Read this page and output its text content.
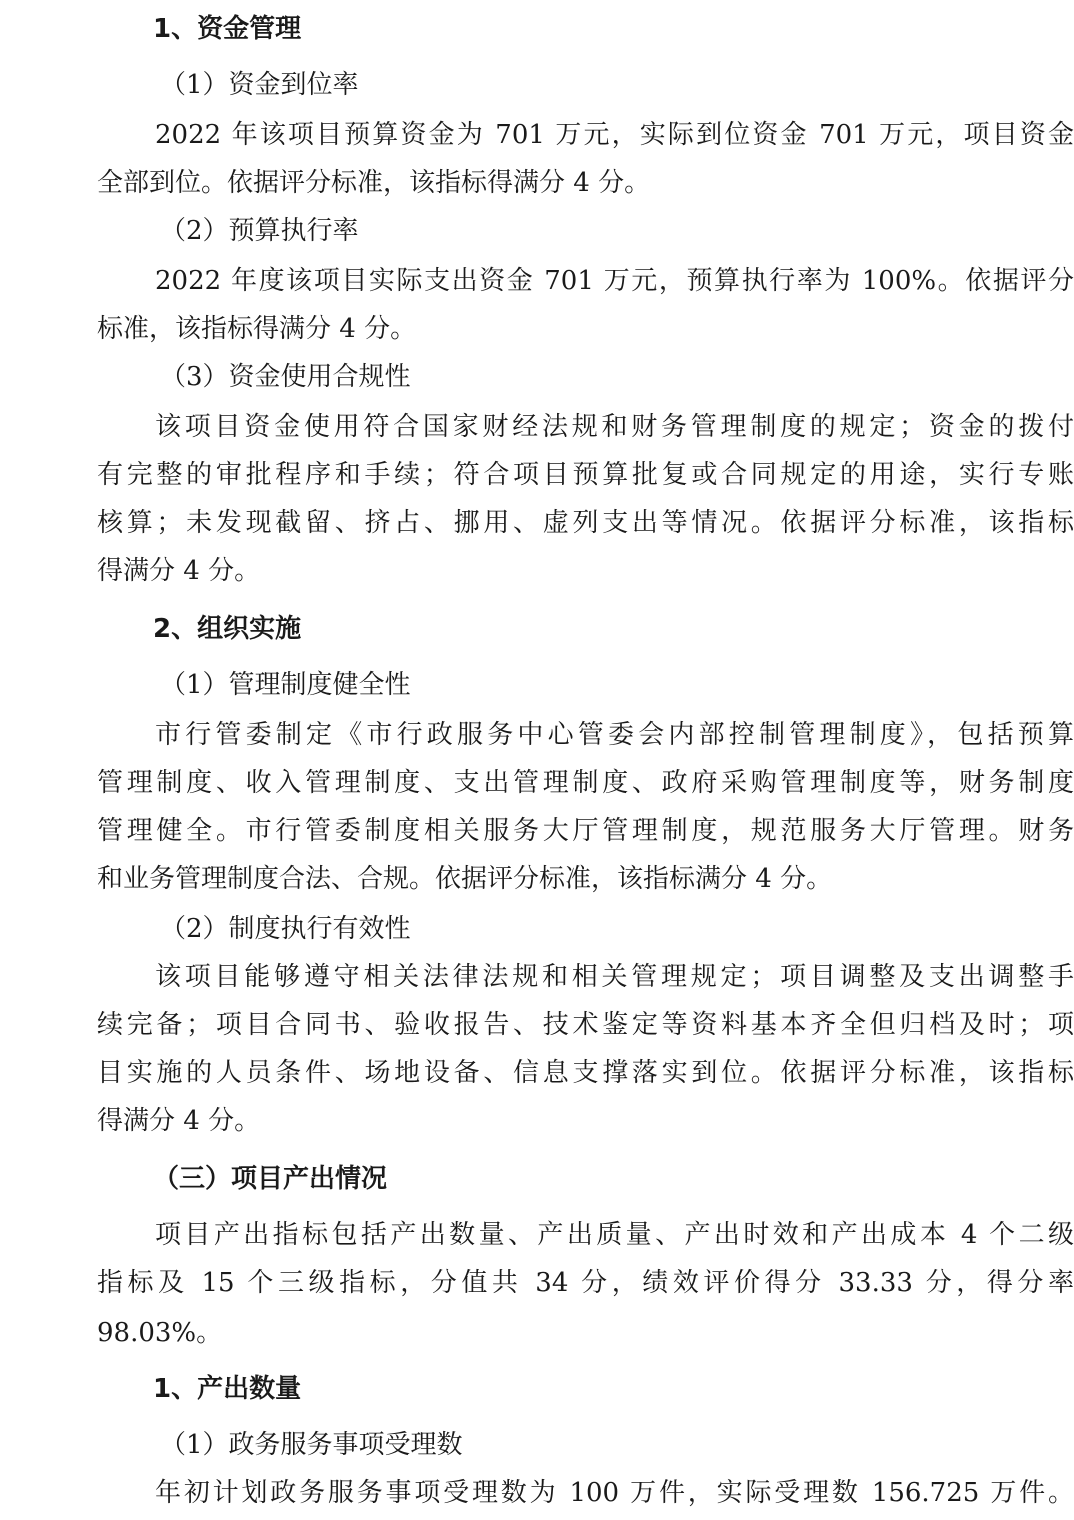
1、资金管理
（1）资金到位率
2022 年该项目预算资金为 701 万元，实际到位资金 701 万元，项目资金
全部到位。依据评分标准，该指标得满分 4 分。
（2）预算执行率
2022 年度该项目实际支出资金 701 万元，预算执行率为 100%。依据评分
标准，该指标得满分 4 分。
（3）资金使用合规性
该项目资金使用符合国家财经法规和财务管理制度的规定；资金的拨付
有完整的审批程序和手续；符合项目预算批复或合同规定的用途，实行专账
核算；未发现截留、挤占、挪用、虚列支出等情况。依据评分标准，该指标
得满分 4 分。
2、组织实施
（1）管理制度健全性
市行管委制定《市行政服务中心管委会内部控制管理制度》，包括预算
管理制度、收入管理制度、支出管理制度、政府采购管理制度等，财务制度
管理健全。市行管委制度相关服务大厅管理制度，规范服务大厅管理。财务
和业务管理制度合法、合规。依据评分标准，该指标满分 4 分。
（2）制度执行有效性
该项目能够遵守相关法律法规和相关管理规定；项目调整及支出调整手
续完备；项目合同书、验收报告、技术鉴定等资料基本齐全但归档及时；项
目实施的人员条件、场地设备、信息支撑落实到位。依据评分标准，该指标
得满分 4 分。
（三）项目产出情况
项目产出指标包括产出数量、产出质量、产出时效和产出成本 4 个二级
指标及 15 个三级指标，分值共 34 分，绩效评价得分 33.33 分，得分率
98.03%。
1、产出数量
（1）政务服务事项受理数
年初计划政务服务事项受理数为 100 万件，实际受理数 156.725 万件。
